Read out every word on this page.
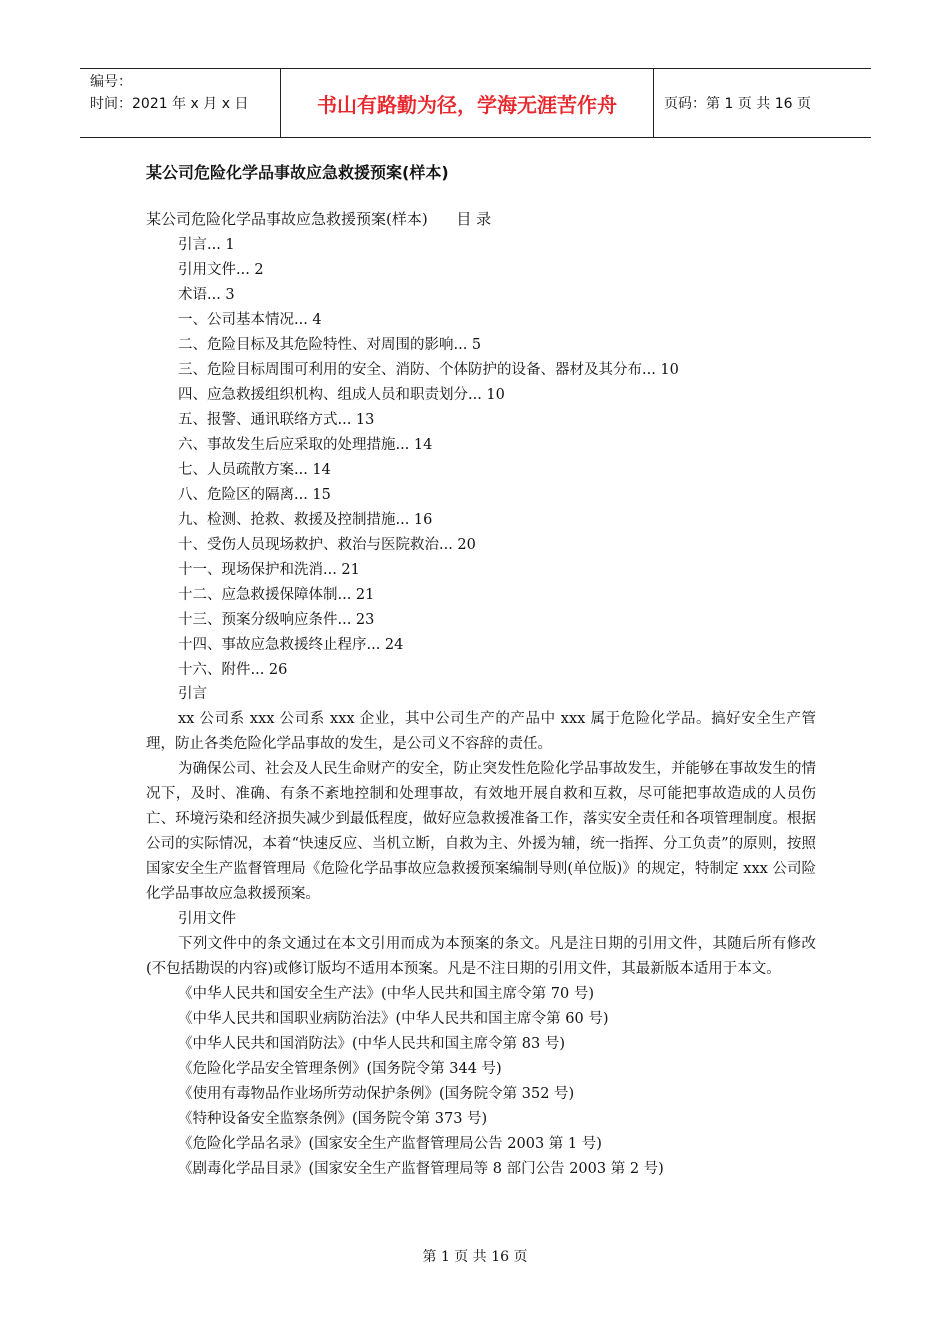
编号：
时间：2021 年 x 月 x 日	书山有路勤为径，学海无涯苦作舟	页码：第 1 页 共 16 页
某公司危险化学品事故应急救援预案(样本)
某公司危险化学品事故应急救援预案(样本)      目 录
引言... 1
引用文件... 2
术语... 3
一、公司基本情况... 4
二、危险目标及其危险特性、对周围的影响... 5
三、危险目标周围可利用的安全、消防、个体防护的设备、器材及其分布... 10
四、应急救援组织机构、组成人员和职责划分... 10
五、报警、通讯联络方式... 13
六、事故发生后应采取的处理措施... 14
七、人员疏散方案... 14
八、危险区的隔离... 15
九、检测、抢救、救援及控制措施... 16
十、受伤人员现场救护、救治与医院救治... 20
十一、现场保护和洗消... 21
十二、应急救援保障体制... 21
十三、预案分级响应条件... 23
十四、事故应急救援终止程序... 24
十六、附件... 26

引言

xx 公司系 xxx 公司系 xxx 企业，其中公司生产的产品中 xxx 属于危险化学品。搞好安全生产管理，防止各类危险化学品事故的发生，是公司义不容辞的责任。

为确保公司、社会及人民生命财产的安全，防止突发性危险化学品事故发生，并能够在事故发生的情况下，及时、准确、有条不紊地控制和处理事故，有效地开展自救和互救，尽可能把事故造成的人员伤亡、环境污染和经济损失减少到最低程度，做好应急救援准备工作，落实安全责任和各项管理制度。根据公司的实际情况，本着“快速反应、当机立断，自救为主、外援为辅，统一指挥、分工负责”的原则，按照国家安全生产监督管理局《危险化学品事故应急救援预案编制导则(单位版)》的规定，特制定 xxx 公司险化学品事故应急救援预案。

引用文件

下列文件中的条文通过在本文引用而成为本预案的条文。凡是注日期的引用文件，其随后所有修改(不包括勘误的内容)或修订版均不适用本预案。凡是不注日期的引用文件，其最新版本适用于本文。

《中华人民共和国安全生产法》(中华人民共和国主席令第 70 号)

《中华人民共和国职业病防治法》(中华人民共和国主席令第 60 号)

《中华人民共和国消防法》(中华人民共和国主席令第 83 号)

《危险化学品安全管理条例》(国务院令第 344 号)

《使用有毒物品作业场所劳动保护条例》(国务院令第 352 号)

《特种设备安全监察条例》(国务院令第 373 号)

《危险化学品名录》(国家安全生产监督管理局公告 2003 第 1 号)

《剧毒化学品目录》(国家安全生产监督管理局等 8 部门公告 2003 第 2 号)

第 1 页 共 16 页
